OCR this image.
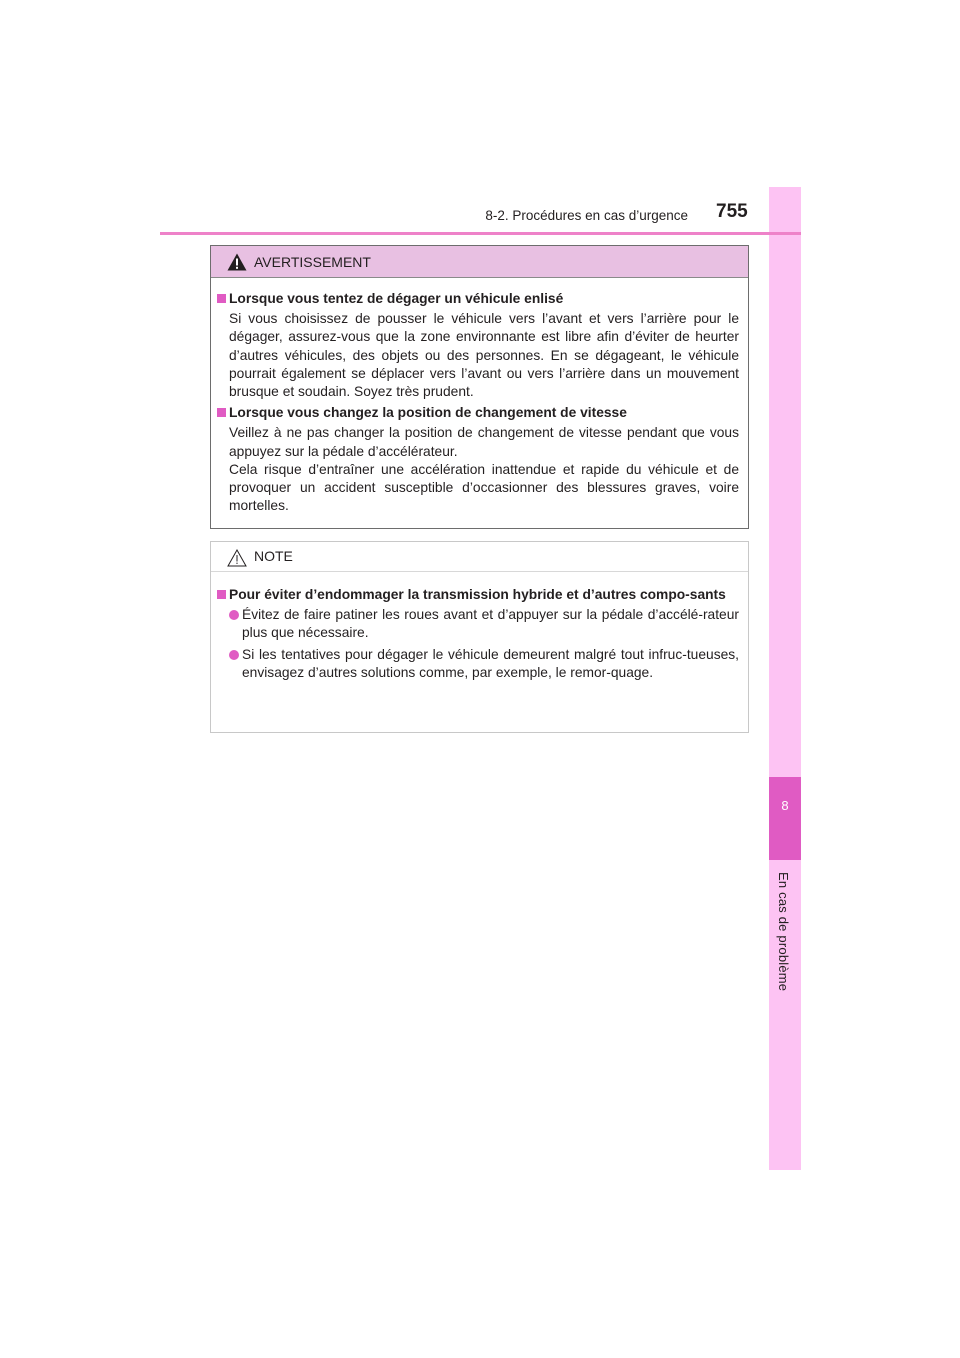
8
En cas de problème
8-2. Procédures en cas d’urgence 755
AVERTISSEMENT
Lorsque vous tentez de dégager un véhicule enlisé
Si vous choisissez de pousser le véhicule vers l’avant et vers l’arrière pour le dégager, assurez-vous que la zone environnante est libre afin d’éviter de heurter d’autres véhicules, des objets ou des personnes. En se dégageant, le véhicule pourrait également se déplacer vers l’avant ou vers l’arrière dans un mouvement brusque et soudain. Soyez très prudent.
Lorsque vous changez la position de changement de vitesse
Veillez à ne pas changer la position de changement de vitesse pendant que vous appuyez sur la pédale d’accélérateur.
Cela risque d’entraîner une accélération inattendue et rapide du véhicule et de provoquer un accident susceptible d’occasionner des blessures graves, voire mortelles.
NOTE
Pour éviter d’endommager la transmission hybride et d’autres compo-sants
Évitez de faire patiner les roues avant et d’appuyer sur la pédale d’accélé-rateur plus que nécessaire.
Si les tentatives pour dégager le véhicule demeurent malgré tout infruc-tueuses, envisagez d’autres solutions comme, par exemple, le remor-quage.
